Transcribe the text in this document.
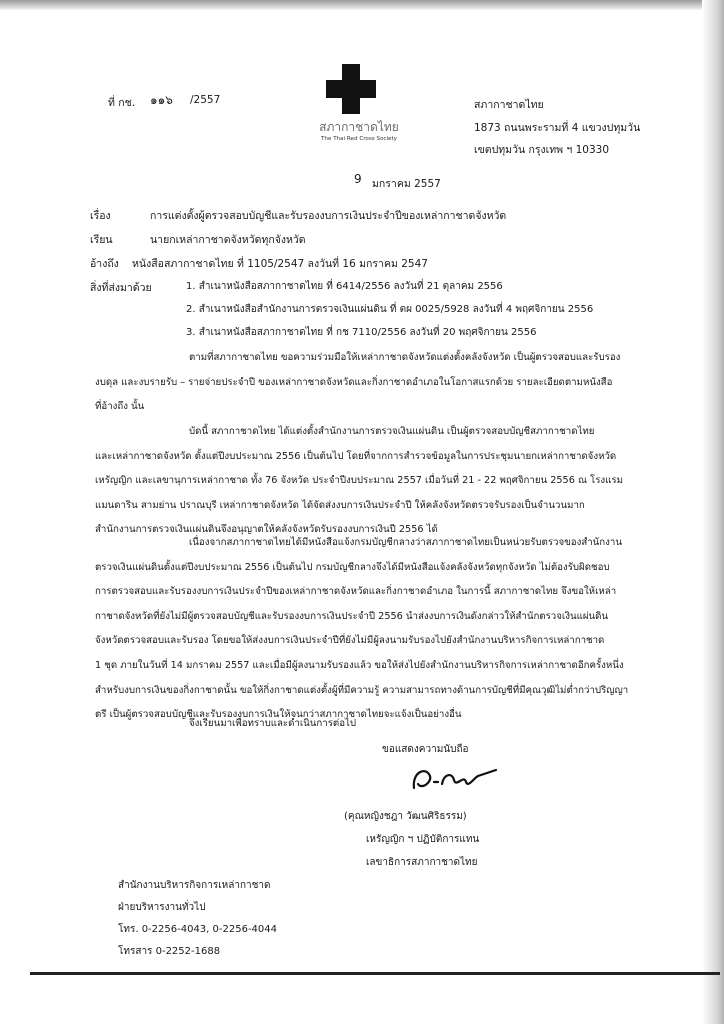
ที่ กช. ๑๑๖ /2557
สภากาชาดไทย
The Thai Red Cross Society
สภากาชาดไทย
1873 ถนนพระรามที่ 4 แขวงปทุมวัน
เขตปทุมวัน กรุงเทพ ฯ 10330
9 มกราคม 2557
เรื่อง	การแต่งตั้งผู้ตรวจสอบบัญชีและรับรองงบการเงินประจำปีของเหล่ากาชาดจังหวัด
เรียน	นายกเหล่ากาชาดจังหวัดทุกจังหวัด
อ้างถึง หนังสือสภากาชาดไทย ที่ 1105/2547 ลงวันที่ 16 มกราคม 2547
สิ่งที่ส่งมาด้วย	1. สำเนาหนังสือสภากาชาดไทย ที่ 6414/2556 ลงวันที่ 21 ตุลาคม 2556
2. สำเนาหนังสือสำนักงานการตรวจเงินแผ่นดิน ที่ ตผ 0025/5928 ลงวันที่ 4 พฤศจิกายน 2556
3. สำเนาหนังสือสภากาชาดไทย ที่ กช 7110/2556 ลงวันที่ 20 พฤศจิกายน 2556
ตามที่สภากาชาดไทย ขอความร่วมมือให้เหล่ากาชาดจังหวัดแต่งตั้งคลังจังหวัด เป็นผู้ตรวจสอบและรับรอง
งบดุล และงบรายรับ – รายจ่ายประจำปี ของเหล่ากาชาดจังหวัดและกิ่งกาชาดอำเภอในโอกาสแรกด้วย รายละเอียดตามหนังสือ
ที่อ้างถึง นั้น
บัดนี้ สภากาชาดไทย ได้แต่งตั้งสำนักงานการตรวจเงินแผ่นดิน เป็นผู้ตรวจสอบบัญชีสภากาชาดไทย
และเหล่ากาชาดจังหวัด ตั้งแต่ปีงบประมาณ 2556 เป็นต้นไป โดยที่จากการสำรวจข้อมูลในการประชุมนายกเหล่ากาชาดจังหวัด
เหรัญญิก และเลขานุการเหล่ากาชาด ทั้ง 76 จังหวัด ประจำปีงบประมาณ 2557 เมื่อวันที่ 21 - 22 พฤศจิกายน 2556 ณ โรงแรม
แมนดาริน สามย่าน ปราณบุรี เหล่ากาชาดจังหวัด ได้จัดส่งงบการเงินประจำปี ให้คลังจังหวัดตรวจรับรองเป็นจำนวนมาก
สำนักงานการตรวจเงินแผ่นดินจึงอนุญาตให้คลังจังหวัดรับรองงบการเงินปี 2556 ได้
เนื่องจากสภากาชาดไทยได้มีหนังสือแจ้งกรมบัญชีกลางว่าสภากาชาดไทยเป็นหน่วยรับตรวจของสำนักงาน
ตรวจเงินแผ่นดินตั้งแต่ปีงบประมาณ 2556 เป็นต้นไป กรมบัญชีกลางจึงได้มีหนังสือแจ้งคลังจังหวัดทุกจังหวัด ไม่ต้องรับผิดชอบ
การตรวจสอบและรับรองงบการเงินประจำปีของเหล่ากาชาดจังหวัดและกิ่งกาชาดอำเภอ ในการนี้ สภากาชาดไทย จึงขอให้เหล่า
กาชาดจังหวัดที่ยังไม่มีผู้ตรวจสอบบัญชีและรับรองงบการเงินประจำปี 2556 นำส่งงบการเงินดังกล่าวให้สำนักตรวจเงินแผ่นดิน
จังหวัดตรวจสอบและรับรอง โดยขอให้ส่งงบการเงินประจำปีที่ยังไม่มีผู้ลงนามรับรองไปยังสำนักงานบริหารกิจการเหล่ากาชาด
1 ชุด ภายในวันที่ 14 มกราคม 2557 และเมื่อมีผู้ลงนามรับรองแล้ว ขอให้ส่งไปยังสำนักงานบริหารกิจการเหล่ากาชาดอีกครั้งหนึ่ง
สำหรับงบการเงินของกิ่งกาชาดนั้น ขอให้กิ่งกาชาดแต่งตั้งผู้ที่มีความรู้ ความสามารถทางด้านการบัญชีที่มีคุณวุฒิไม่ต่ำกว่าปริญญา
ตรี เป็นผู้ตรวจสอบบัญชีและรับรองงบการเงินให้จนกว่าสภากาชาดไทยจะแจ้งเป็นอย่างอื่น
จึงเรียนมาเพื่อทราบและดำเนินการต่อไป
ขอแสดงความนับถือ
(คุณหญิงชฎา วัฒนศิริธรรม)
เหรัญญิก ฯ ปฏิบัติการแทน
เลขาธิการสภากาชาดไทย
สำนักงานบริหารกิจการเหล่ากาชาด
ฝ่ายบริหารงานทั่วไป
โทร. 0-2256-4043, 0-2256-4044
โทรสาร 0-2252-1688
